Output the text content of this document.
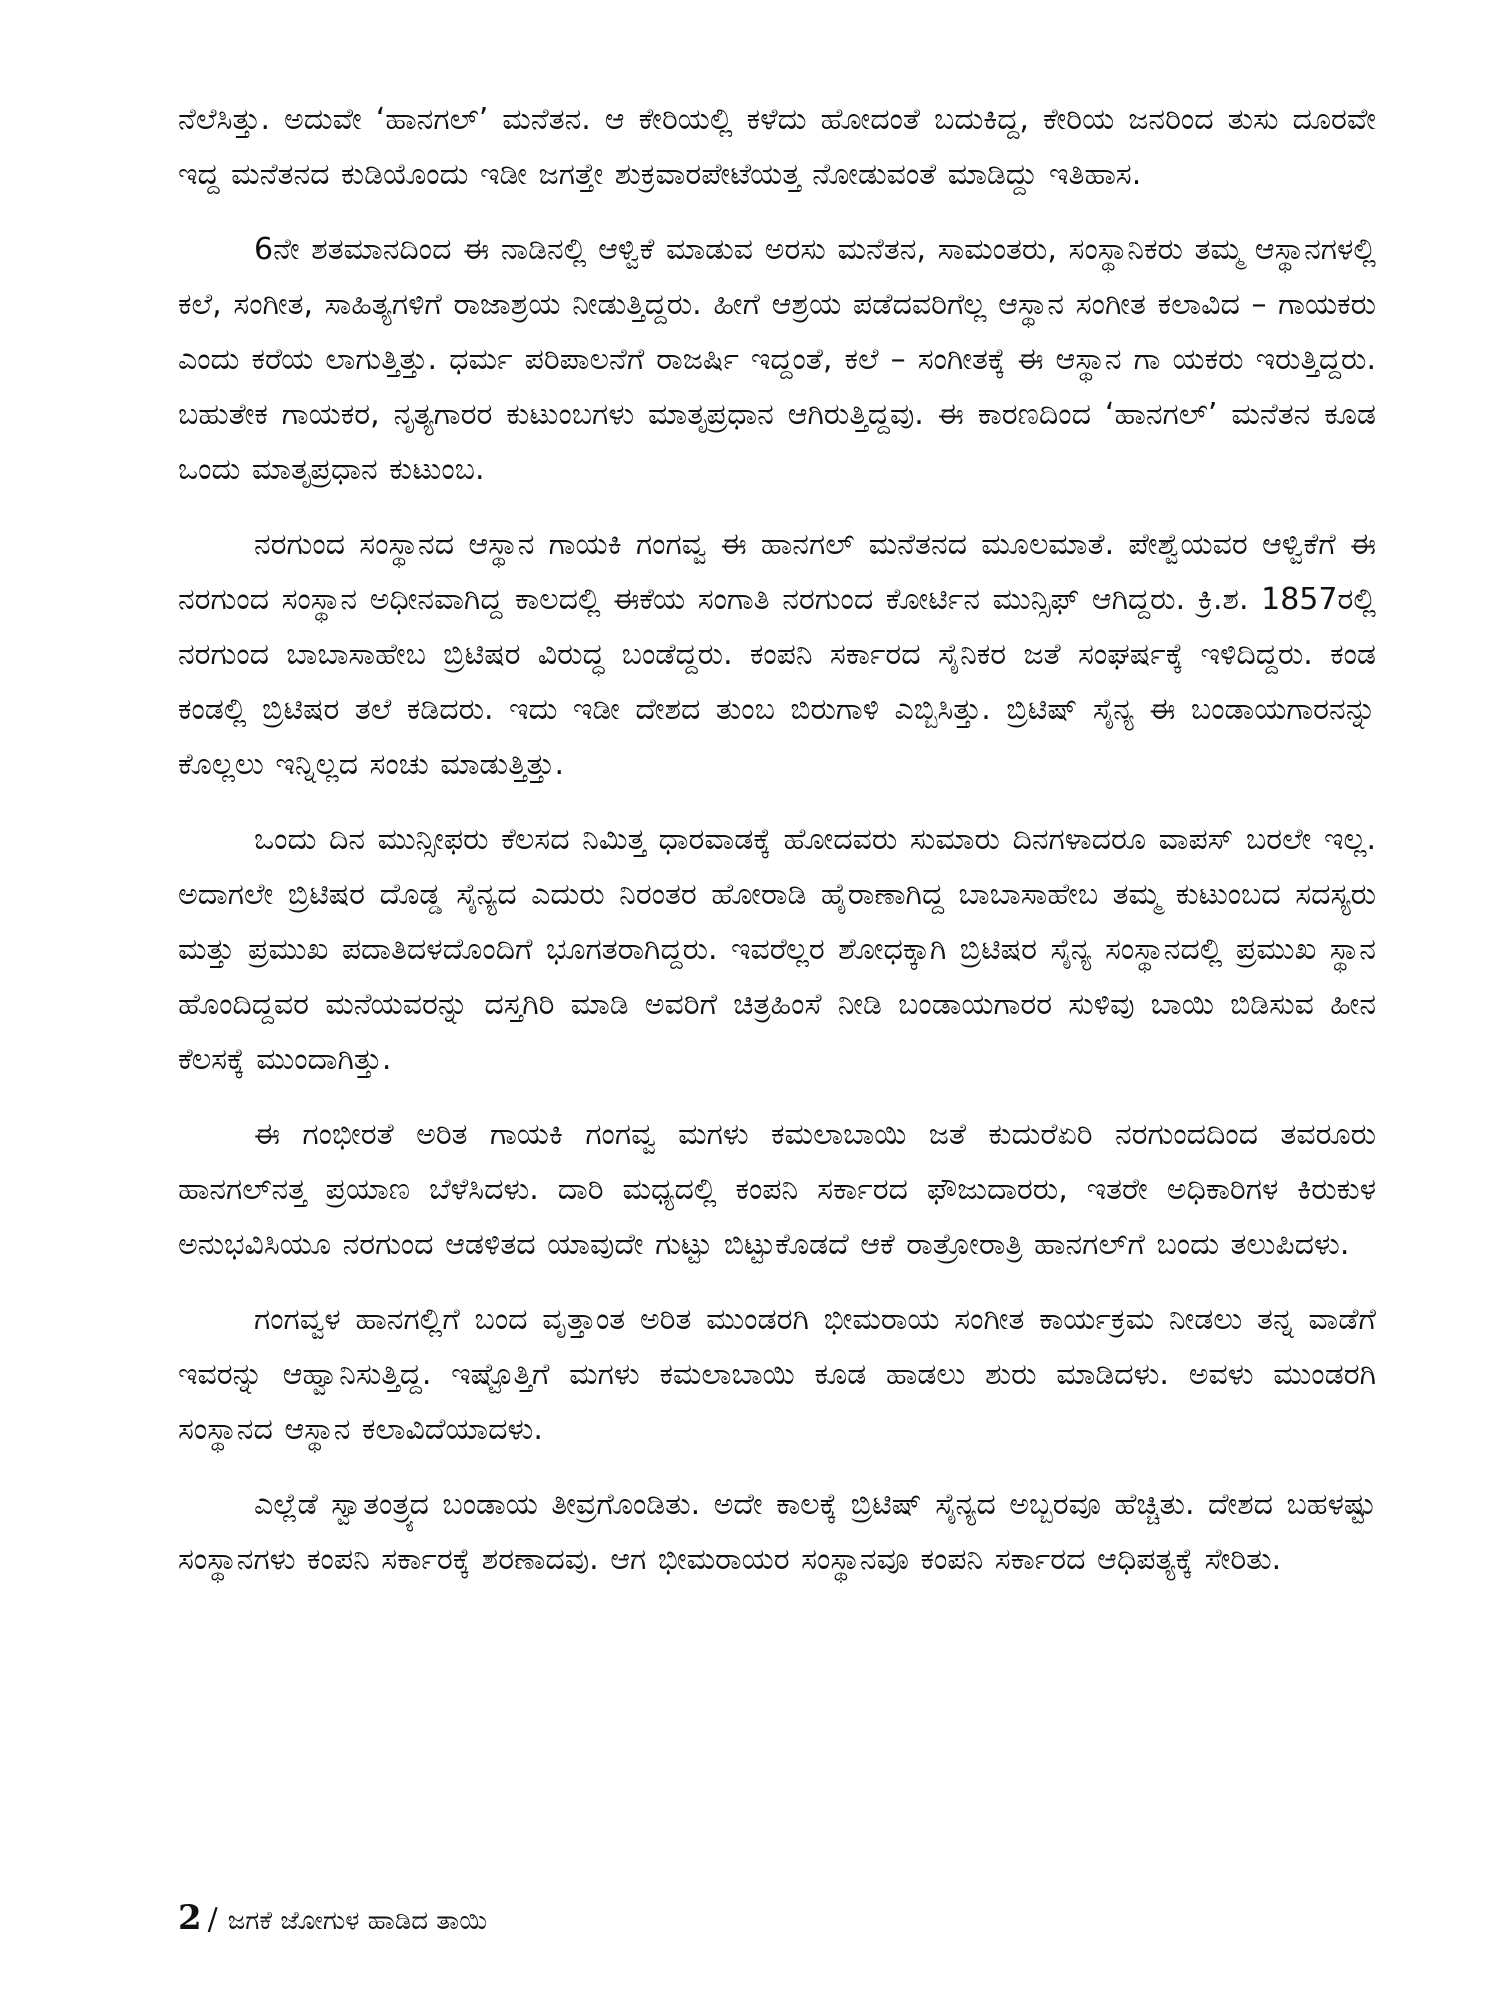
ನೆಲೆಸಿತ್ತು. ಅದುವೇ ‘ಹಾನಗಲ್’ ಮನೆತನ. ಆ ಕೇರಿಯಲ್ಲಿ ಕಳೆದು ಹೋದಂತೆ ಬದುಕಿದ್ದ, ಕೇರಿಯ ಜನರಿಂದ ತುಸು ದೂರವೇ ಇದ್ದ ಮನೆತನದ ಕುಡಿಯೊಂದು ಇಡೀ ಜಗತ್ತೇ ಶುಕ್ರವಾರಪೇಟೆಯತ್ತ ನೋಡುವಂತೆ ಮಾಡಿದ್ದು ಇತಿಹಾಸ.

6ನೇ ಶತಮಾನದಿಂದ ಈ ನಾಡಿನಲ್ಲಿ ಆಳ್ವಿಕೆ ಮಾಡುವ ಅರಸು ಮನೆತನ, ಸಾಮಂತರು, ಸಂಸ್ಥಾನಿಕರು ತಮ್ಮ ಆಸ್ಥಾನಗಳಲ್ಲಿ ಕಲೆ, ಸಂಗೀತ, ಸಾಹಿತ್ಯಗಳಿಗೆ ರಾಜಾಶ್ರಯ ನೀಡುತ್ತಿದ್ದರು. ಹೀಗೆ ಆಶ್ರಯ ಪಡೆದವರಿಗೆಲ್ಲ ಆಸ್ಥಾನ ಸಂಗೀತ ಕಲಾವಿದ – ಗಾಯಕರು ಎಂದು ಕರೆಯ ಲಾಗುತ್ತಿತ್ತು. ಧರ್ಮ ಪರಿಪಾಲನೆಗೆ ರಾಜರ್ಷಿ ಇದ್ದಂತೆ, ಕಲೆ – ಸಂಗೀತಕ್ಕೆ ಈ ಆಸ್ಥಾನ ಗಾ ಯಕರು ಇರುತ್ತಿದ್ದರು. ಬಹುತೇಕ ಗಾಯಕರ, ನೃತ್ಯಗಾರರ ಕುಟುಂಬಗಳು ಮಾತೃಪ್ರಧಾನ ಆಗಿರುತ್ತಿದ್ದವು. ಈ ಕಾರಣದಿಂದ ‘ಹಾನಗಲ್’ ಮನೆತನ ಕೂಡ ಒಂದು ಮಾತೃಪ್ರಧಾನ ಕುಟುಂಬ.

ನರಗುಂದ ಸಂಸ್ಥಾನದ ಆಸ್ಥಾನ ಗಾಯಕಿ ಗಂಗವ್ವ ಈ ಹಾನಗಲ್ ಮನೆತನದ ಮೂಲಮಾತೆ. ಪೇಶ್ವೆಯವರ ಆಳ್ವಿಕೆಗೆ ಈ ನರಗುಂದ ಸಂಸ್ಥಾನ ಅಧೀನವಾಗಿದ್ದ ಕಾಲದಲ್ಲಿ ಈಕೆಯ ಸಂಗಾತಿ ನರಗುಂದ ಕೋರ್ಟಿನ ಮುನ್ಸಿಫ್ ಆಗಿದ್ದರು. ಕ್ರಿ.ಶ. 1857ರಲ್ಲಿ ನರಗುಂದ ಬಾಬಾಸಾಹೇಬ ಬ್ರಿಟಿಷರ ವಿರುದ್ಧ ಬಂಡೆದ್ದರು. ಕಂಪನಿ ಸರ್ಕಾರದ ಸೈನಿಕರ ಜತೆ ಸಂಘರ್ಷಕ್ಕೆ ಇಳಿದಿದ್ದರು. ಕಂಡ ಕಂಡಲ್ಲಿ ಬ್ರಿಟಿಷರ ತಲೆ ಕಡಿದರು. ಇದು ಇಡೀ ದೇಶದ ತುಂಬ ಬಿರುಗಾಳಿ ಎಬ್ಬಿಸಿತ್ತು. ಬ್ರಿಟಿಷ್ ಸೈನ್ಯ ಈ ಬಂಡಾಯಗಾರನನ್ನು ಕೊಲ್ಲಲು ಇನ್ನಿಲ್ಲದ ಸಂಚು ಮಾಡುತ್ತಿತ್ತು.

ಒಂದು ದಿನ ಮುನ್ಸೀಫರು ಕೆಲಸದ ನಿಮಿತ್ತ ಧಾರವಾಡಕ್ಕೆ ಹೋದವರು ಸುಮಾರು ದಿನಗಳಾದರೂ ವಾಪಸ್ ಬರಲೇ ಇಲ್ಲ. ಅದಾಗಲೇ ಬ್ರಿಟಿಷರ ದೊಡ್ಡ ಸೈನ್ಯದ ಎದುರು ನಿರಂತರ ಹೋರಾಡಿ ಹೈರಾಣಾಗಿದ್ದ ಬಾಬಾಸಾಹೇಬ ತಮ್ಮ ಕುಟುಂಬದ ಸದಸ್ಯರು ಮತ್ತು ಪ್ರಮುಖ ಪದಾತಿದಳದೊಂದಿಗೆ ಭೂಗತರಾಗಿದ್ದರು. ಇವರೆಲ್ಲರ ಶೋಧಕ್ಕಾಗಿ ಬ್ರಿಟಿಷರ ಸೈನ್ಯ ಸಂಸ್ಥಾನದಲ್ಲಿ ಪ್ರಮುಖ ಸ್ಥಾನ ಹೊಂದಿದ್ದವರ ಮನೆಯವರನ್ನು ದಸ್ತಗಿರಿ ಮಾಡಿ ಅವರಿಗೆ ಚಿತ್ರಹಿಂಸೆ ನೀಡಿ ಬಂಡಾಯಗಾರರ ಸುಳಿವು ಬಾಯಿ ಬಿಡಿಸುವ ಹೀನ ಕೆಲಸಕ್ಕೆ ಮುಂದಾಗಿತ್ತು.

ಈ ಗಂಭೀರತೆ ಅರಿತ ಗಾಯಕಿ ಗಂಗವ್ವ ಮಗಳು ಕಮಲಾಬಾಯಿ ಜತೆ ಕುದುರೆಏರಿ ನರಗುಂದದಿಂದ ತವರೂರು ಹಾನಗಲ್‌ನತ್ತ ಪ್ರಯಾಣ ಬೆಳೆಸಿದಳು. ದಾರಿ ಮಧ್ಯದಲ್ಲಿ ಕಂಪನಿ ಸರ್ಕಾರದ ಫೌಜುದಾರರು, ಇತರೇ ಅಧಿಕಾರಿಗಳ ಕಿರುಕುಳ ಅನುಭವಿಸಿಯೂ ನರಗುಂದ ಆಡಳಿತದ ಯಾವುದೇ ಗುಟ್ಟು ಬಿಟ್ಟುಕೊಡದೆ ಆಕೆ ರಾತ್ರೋರಾತ್ರಿ ಹಾನಗಲ್‌ಗೆ ಬಂದು ತಲುಪಿದಳು.

ಗಂಗವ್ವಳ ಹಾನಗಲ್ಲಿಗೆ ಬಂದ ವೃತ್ತಾಂತ ಅರಿತ ಮುಂಡರಗಿ ಭೀಮರಾಯ ಸಂಗೀತ ಕಾರ್ಯಕ್ರಮ ನೀಡಲು ತನ್ನ ವಾಡೆಗೆ ಇವರನ್ನು ಆಹ್ವಾನಿಸುತ್ತಿದ್ದ. ಇಷ್ಟೊತ್ತಿಗೆ ಮಗಳು ಕಮಲಾಬಾಯಿ ಕೂಡ ಹಾಡಲು ಶುರು ಮಾಡಿದಳು. ಅವಳು ಮುಂಡರಗಿ ಸಂಸ್ಥಾನದ ಆಸ್ಥಾನ ಕಲಾವಿದೆಯಾದಳು.

ಎಲ್ಲೆಡೆ ಸ್ವಾತಂತ್ರ್ಯದ ಬಂಡಾಯ ತೀವ್ರಗೊಂಡಿತು. ಅದೇ ಕಾಲಕ್ಕೆ ಬ್ರಿಟಿಷ್ ಸೈನ್ಯದ ಅಬ್ಬರವೂ ಹೆಚ್ಚಿತು. ದೇಶದ ಬಹಳಷ್ಟು ಸಂಸ್ಥಾನಗಳು ಕಂಪನಿ ಸರ್ಕಾರಕ್ಕೆ ಶರಣಾದವು. ಆಗ ಭೀಮರಾಯರ ಸಂಸ್ಥಾನವೂ ಕಂಪನಿ ಸರ್ಕಾರದ ಆಧಿಪತ್ಯಕ್ಕೆ ಸೇರಿತು.

2 / ಜಗಕೆ ಜೋಗುಳ ಹಾಡಿದ ತಾಯಿ
